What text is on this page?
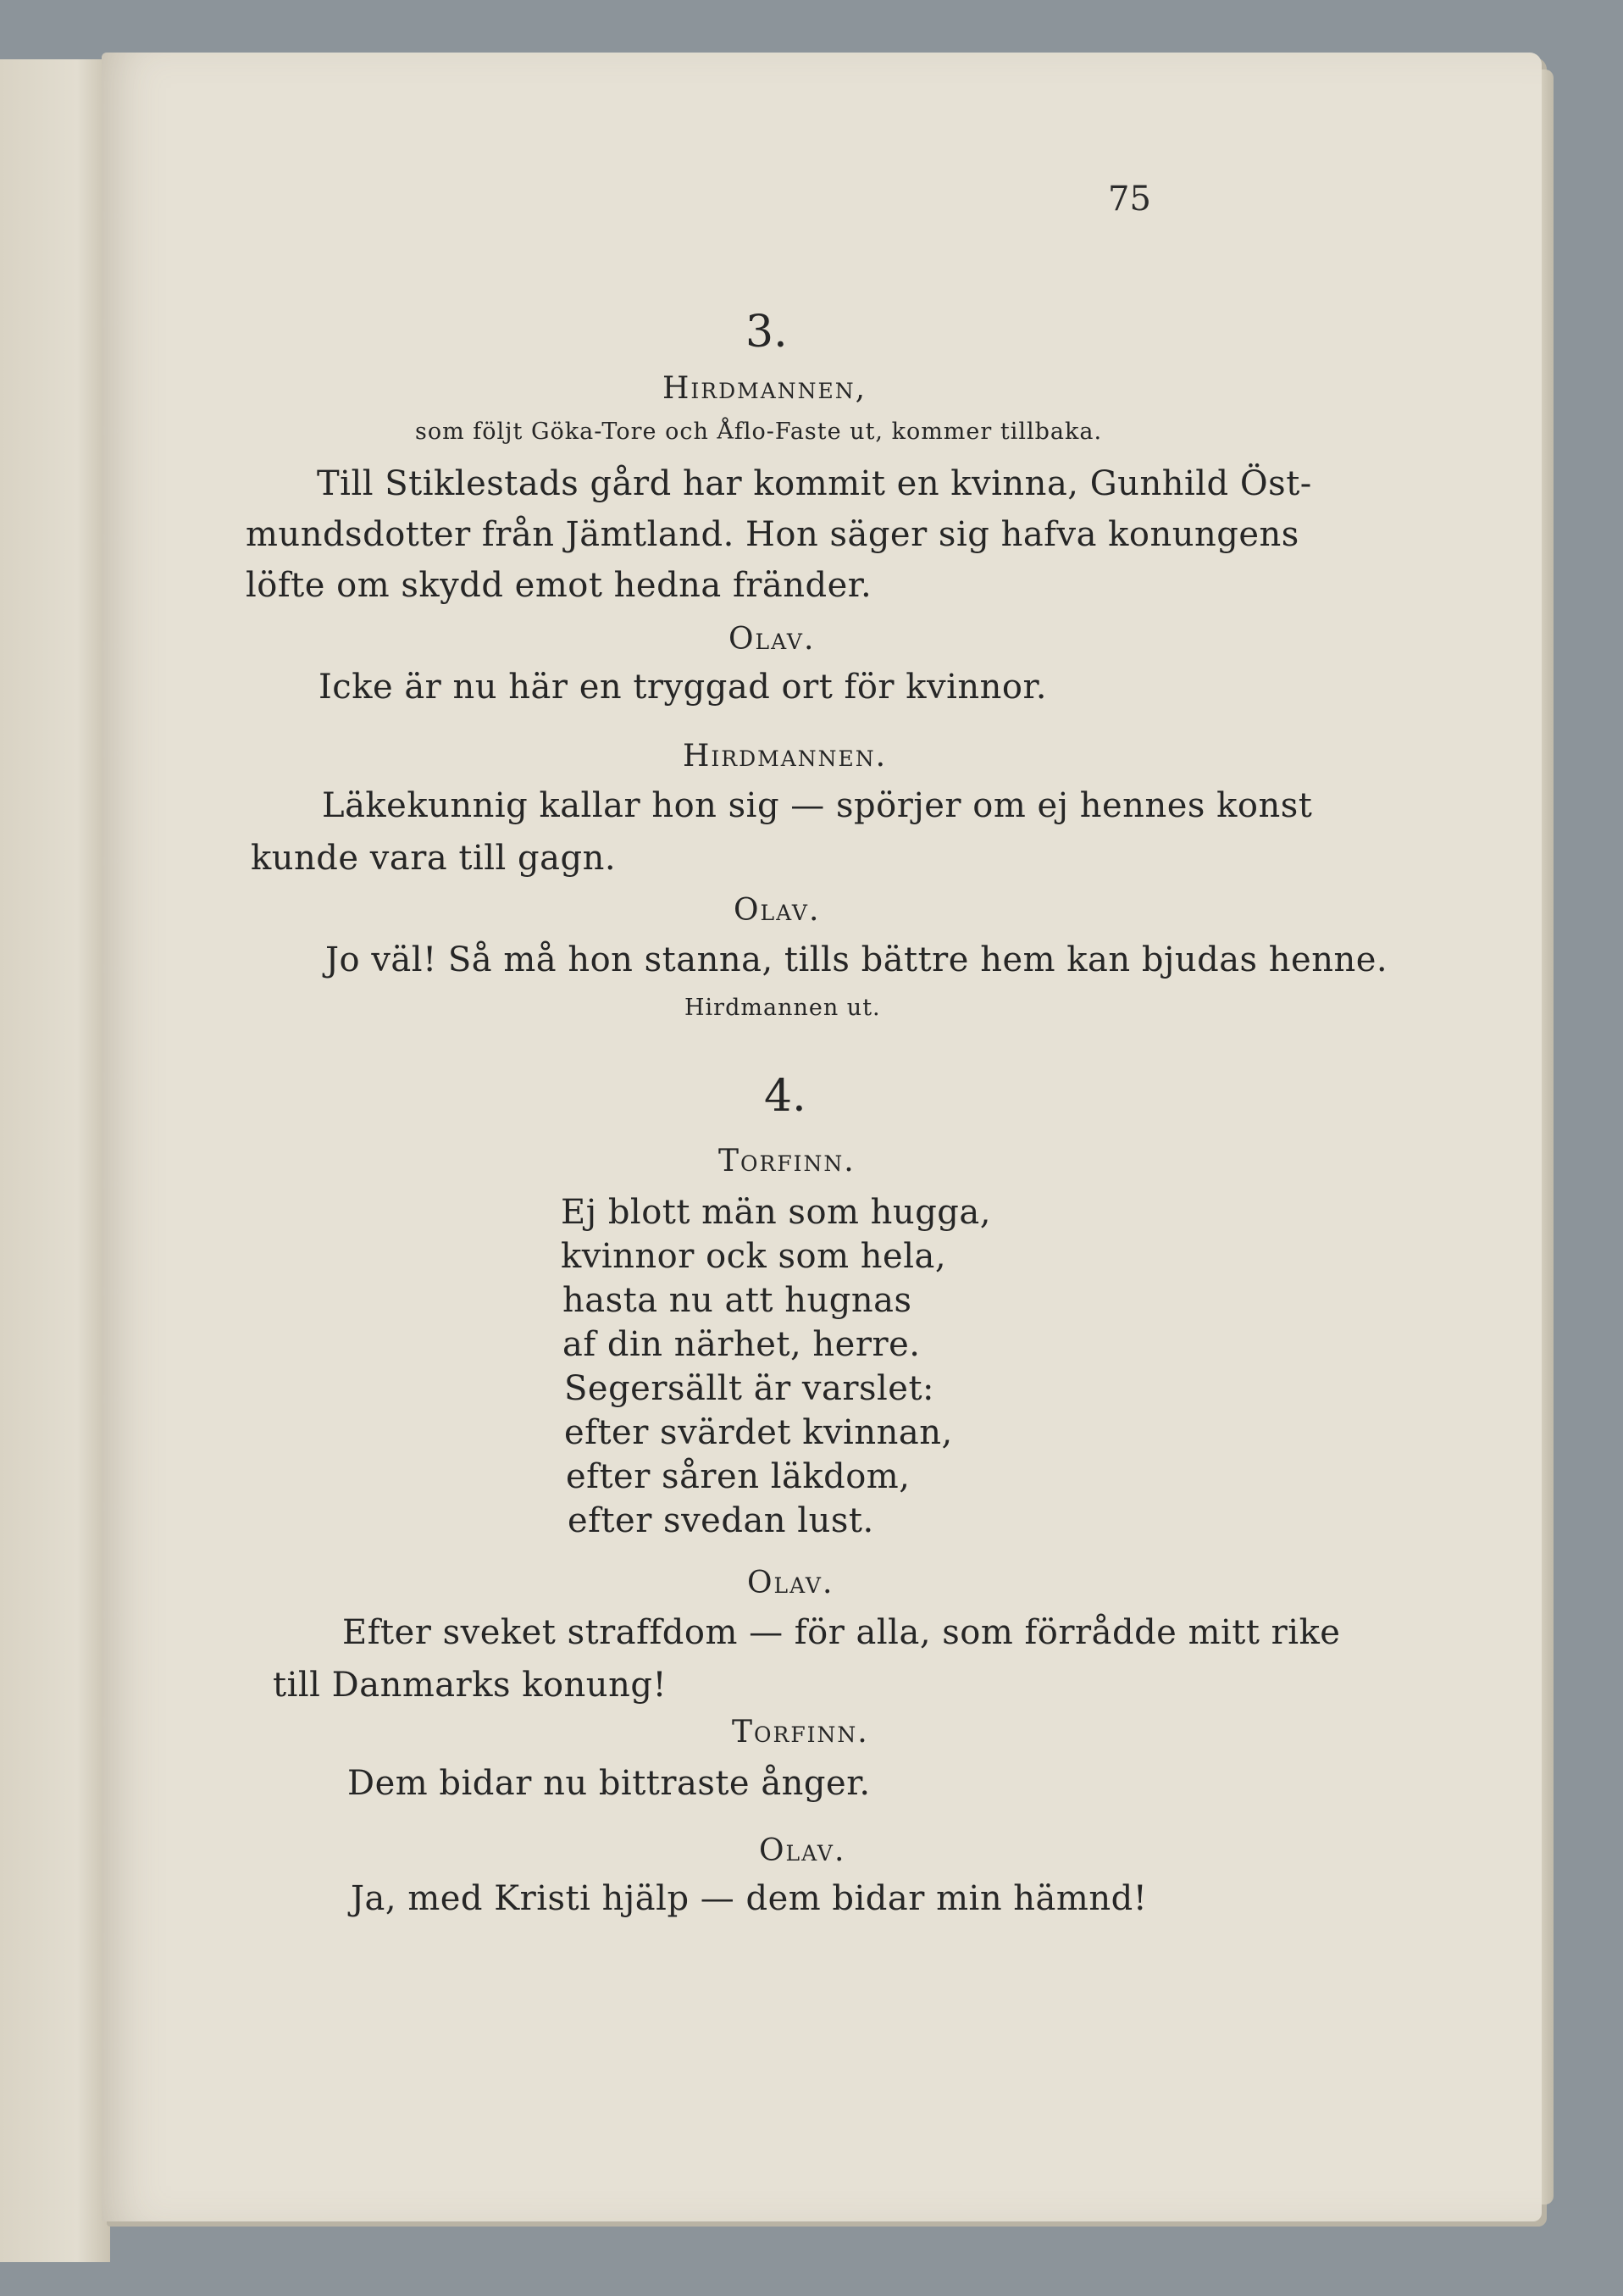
75

3.

Hirdmannen,

som följt Göka-Tore och Åflo-Faste ut, kommer tillbaka.

Till Stiklestads gård har kommit en kvinna, Gunhild Öst-

mundsdotter från Jämtland. Hon säger sig hafva konungens

löfte om skydd emot hedna fränder.

Olav.

Icke är nu här en tryggad ort för kvinnor.

Hirdmannen.

Läkekunnig kallar hon sig — spörjer om ej hennes konst

kunde vara till gagn.

Olav.

Jo väl! Så må hon stanna, tills bättre hem kan bjudas henne.

Hirdmannen ut.

4.

Torfinn.

Ej blott män som hugga,

kvinnor ock som hela,

hasta nu att hugnas

af din närhet, herre.

Segersällt är varslet:

efter svärdet kvinnan,

efter såren läkdom,

efter svedan lust.

Olav.

Efter sveket straffdom — för alla, som förrådde mitt rike

till Danmarks konung!

Torfinn.

Dem bidar nu bittraste ånger.

Olav.

Ja, med Kristi hjälp — dem bidar min hämnd!
